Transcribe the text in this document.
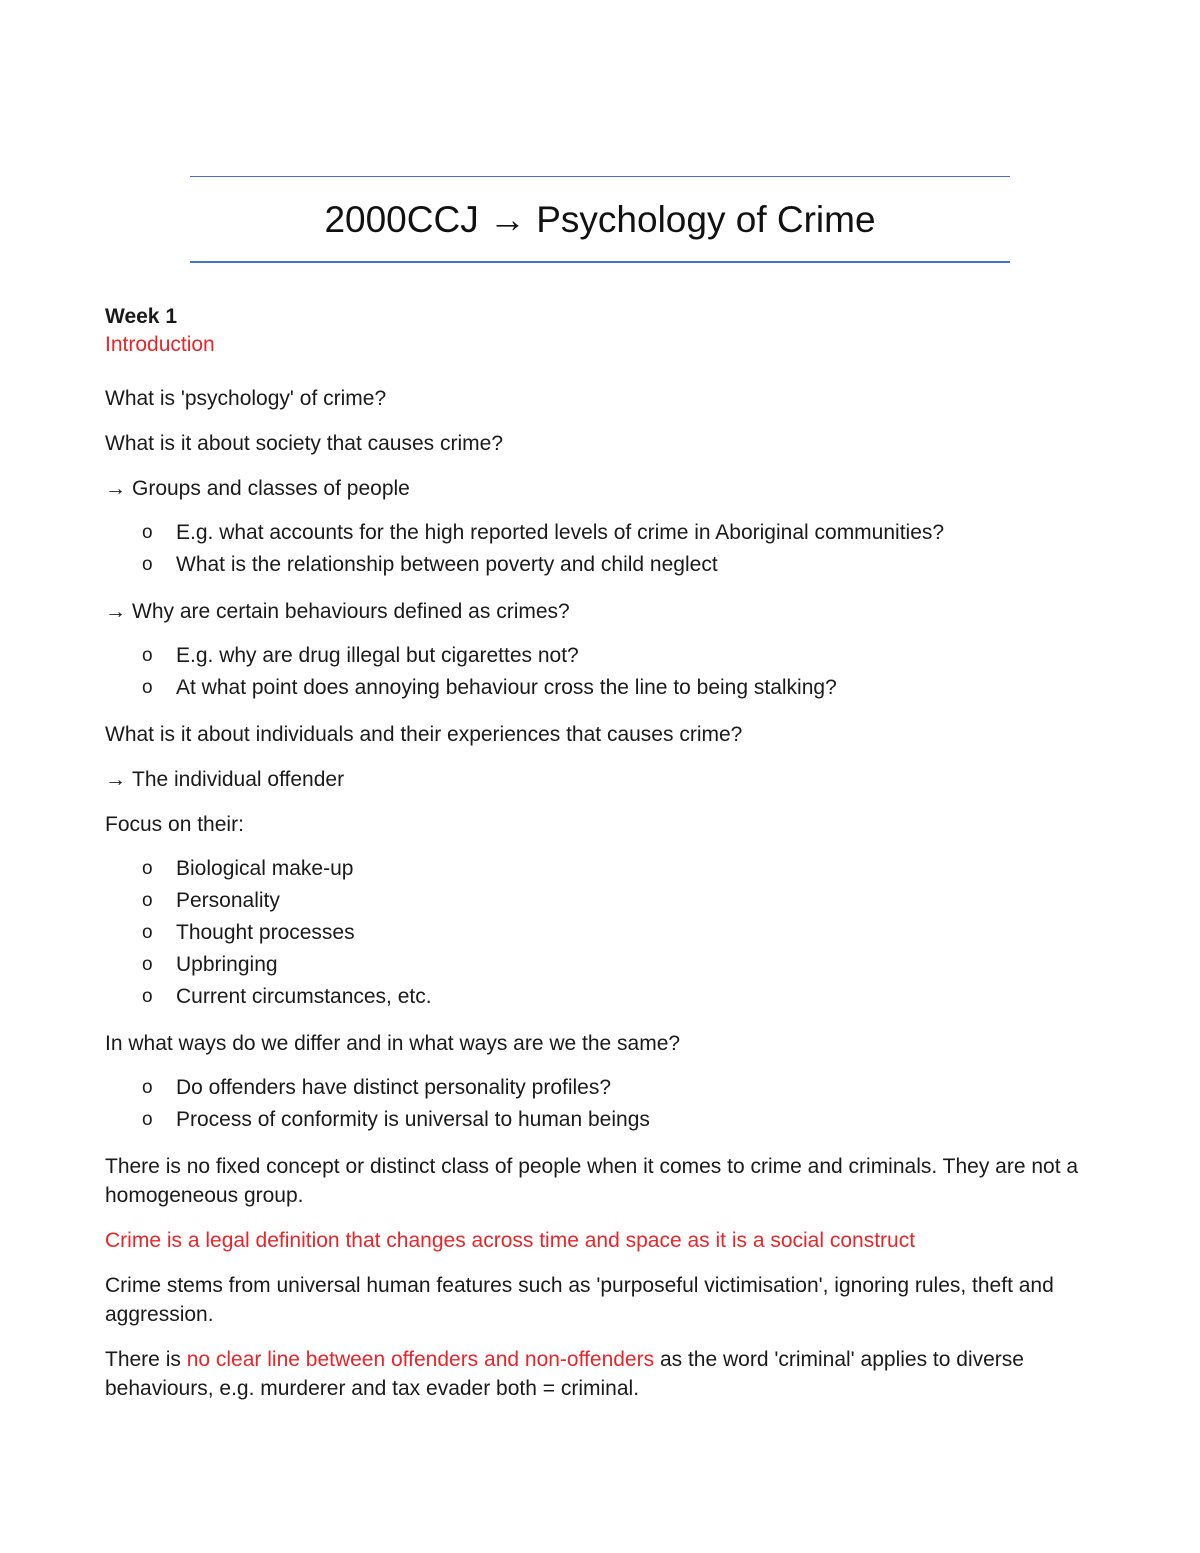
2000CCJ → Psychology of Crime

Week 1

Introduction

What is 'psychology' of crime?

What is it about society that causes crime?

→ Groups and classes of people

o E.g. what accounts for the high reported levels of crime in Aboriginal communities?
o What is the relationship between poverty and child neglect

→ Why are certain behaviours defined as crimes?

o E.g. why are drug illegal but cigarettes not?
o At what point does annoying behaviour cross the line to being stalking?

What is it about individuals and their experiences that causes crime?

→ The individual offender

Focus on their:

o Biological make-up
o Personality
o Thought processes
o Upbringing
o Current circumstances, etc.

In what ways do we differ and in what ways are we the same?

o Do offenders have distinct personality profiles?
o Process of conformity is universal to human beings

There is no fixed concept or distinct class of people when it comes to crime and criminals. They are not a homogeneous group.

Crime is a legal definition that changes across time and space as it is a social construct

Crime stems from universal human features such as 'purposeful victimisation', ignoring rules, theft and aggression.

There is no clear line between offenders and non-offenders as the word 'criminal' applies to diverse behaviours, e.g. murderer and tax evader both = criminal.
